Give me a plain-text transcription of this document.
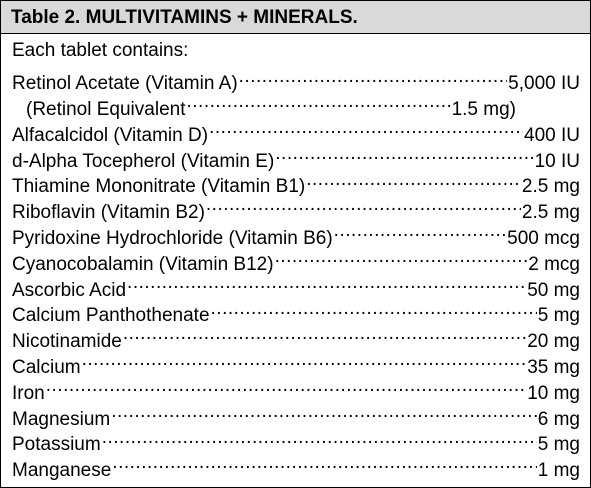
Table 2. MULTIVITAMINS + MINERALS.
Each tablet contains:
Retinol Acetate (Vitamin A) .....	5,000 IU
(Retinol Equivalent .....	1.5 mg)
Alfacalcidol (Vitamin D) .....	400 IU
d-Alpha Tocepherol (Vitamin E) .....	10 IU
Thiamine Mononitrate (Vitamin B1) .....	2.5 mg
Riboflavin (Vitamin B2) .....	2.5 mg
Pyridoxine Hydrochloride (Vitamin B6) .....	500 mcg
Cyanocobalamin (Vitamin B12) .....	2 mcg
Ascorbic Acid .....	50 mg
Calcium Panthothenate .....	5 mg
Nicotinamide .....	20 mg
Calcium .....	35 mg
Iron .....	10 mg
Magnesium .....	6 mg
Potassium .....	5 mg
Manganese .....	1 mg
